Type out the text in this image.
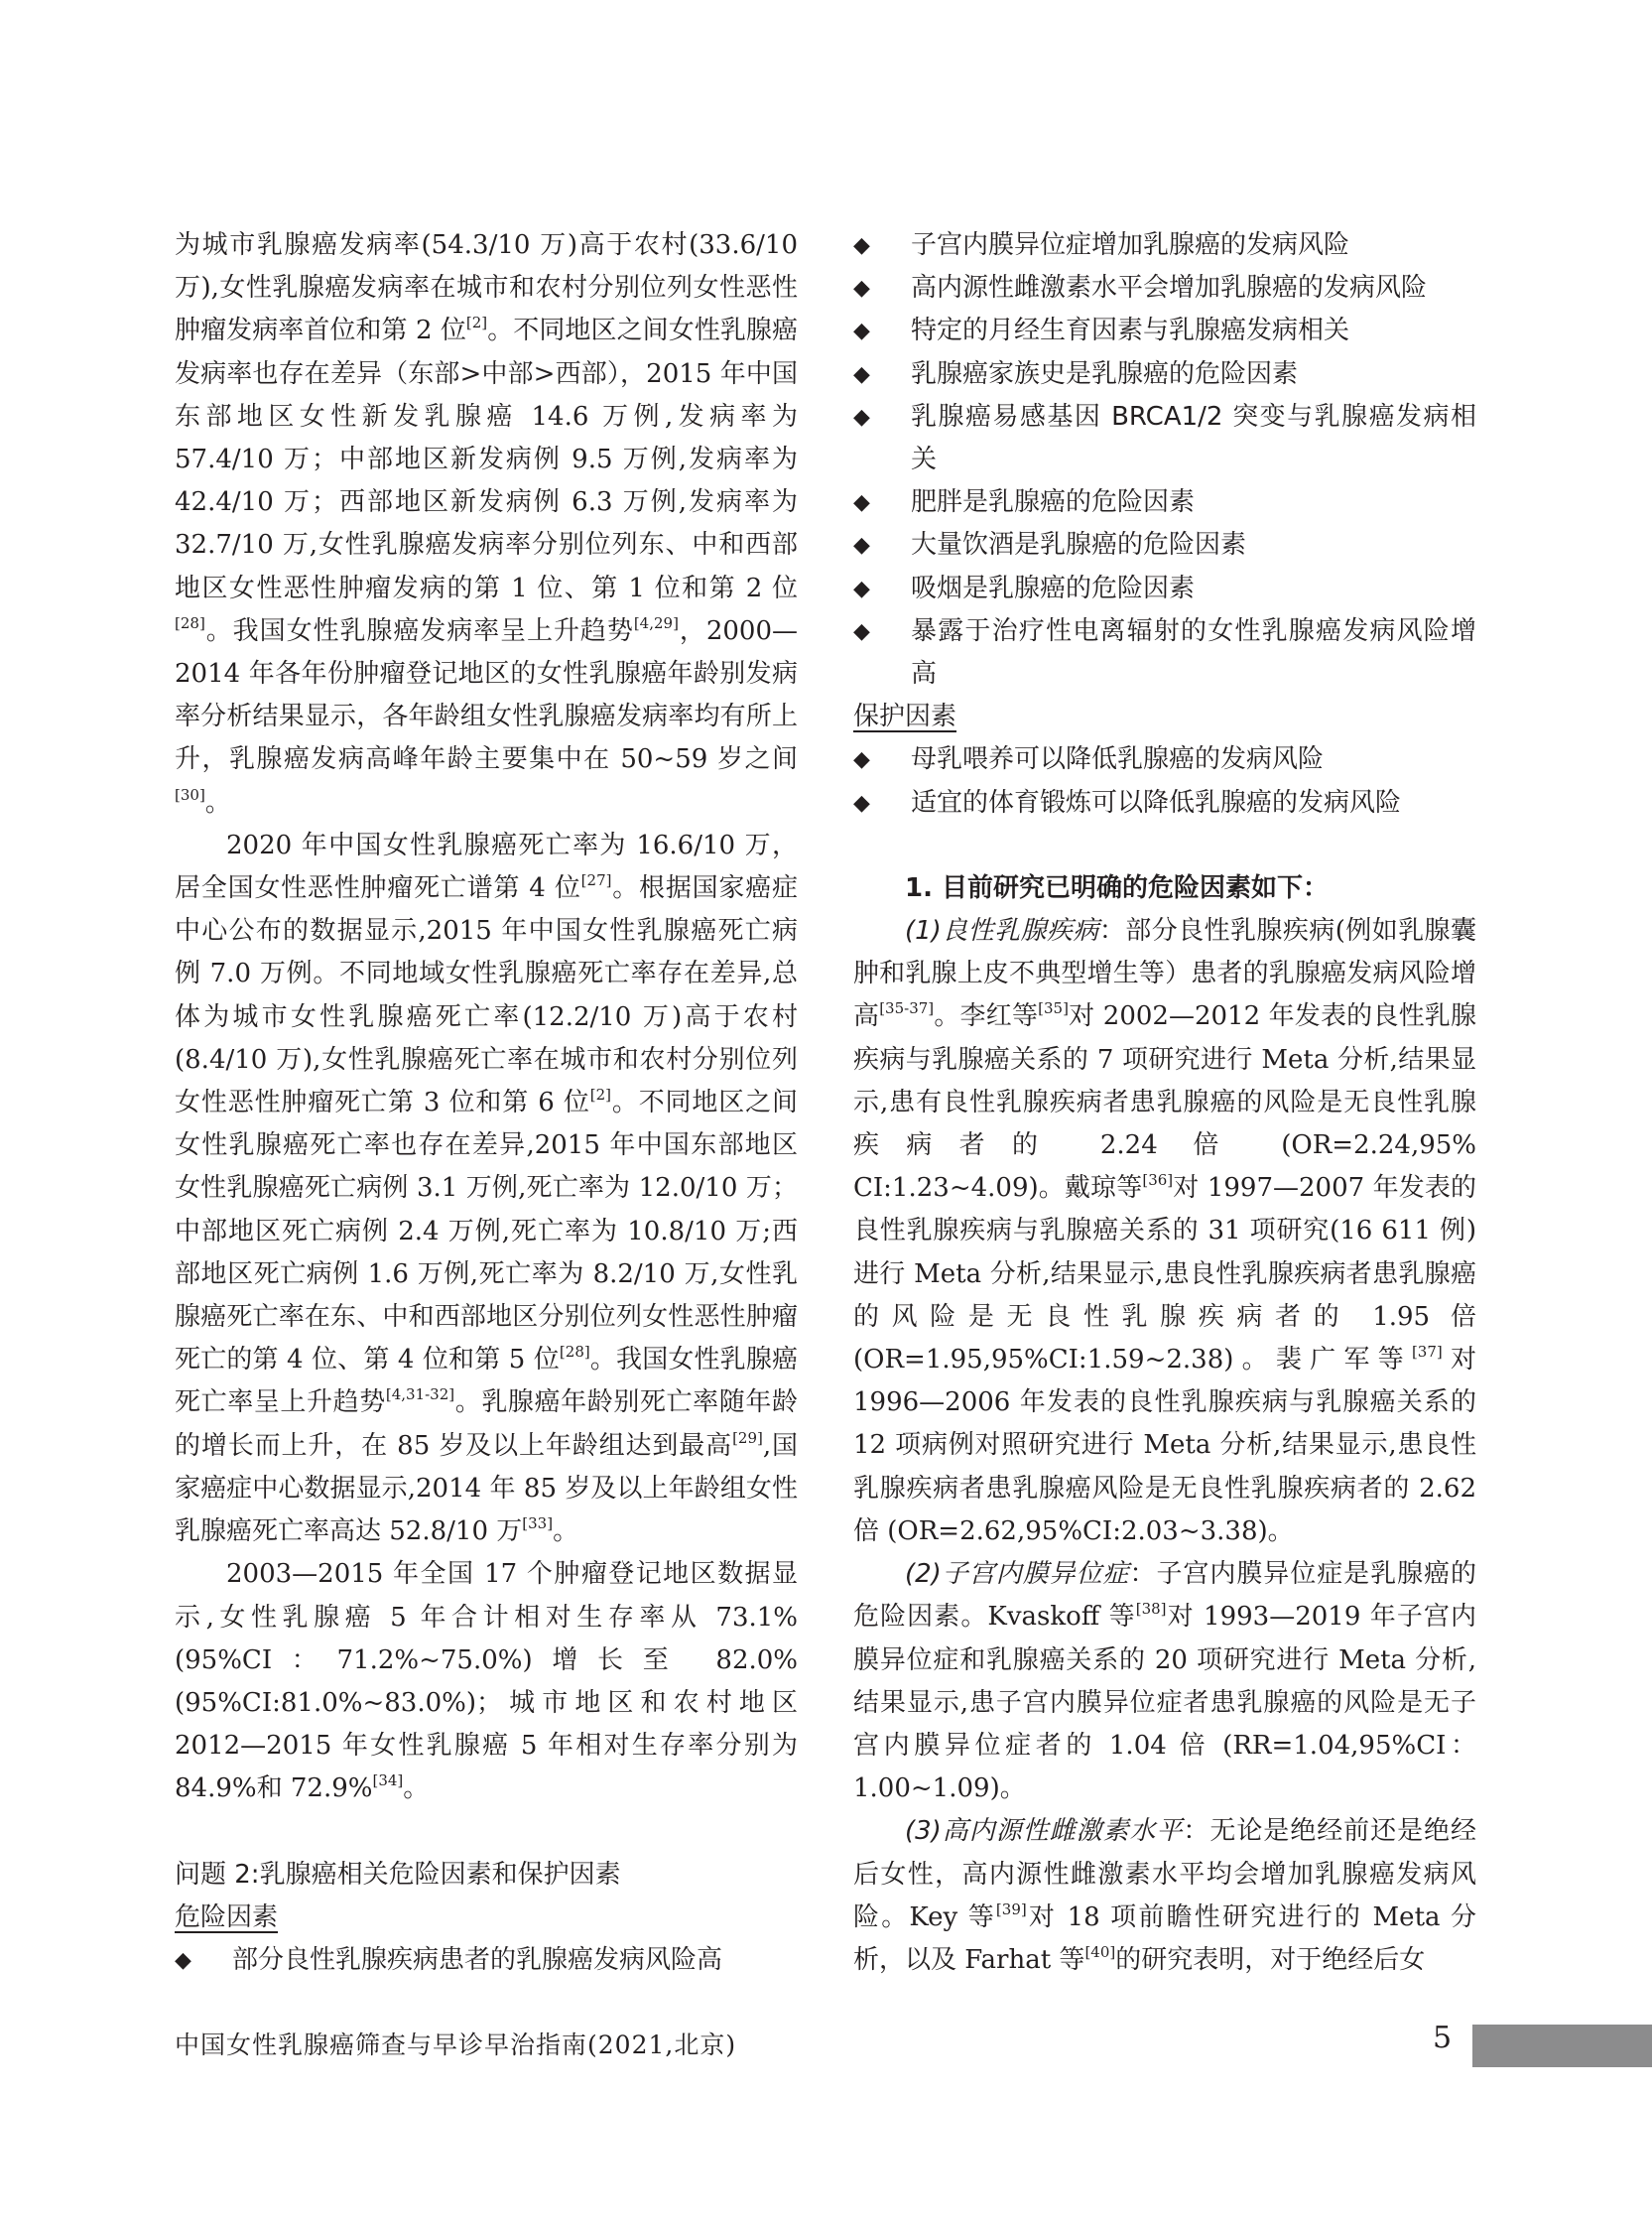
为城市乳腺癌发病率(54.3/10 万)高于农村(33.6/10 万),女性乳腺癌发病率在城市和农村分别位列女性恶性肿瘤发病率首位和第 2 位[2]。不同地区之间女性乳腺癌发病率也存在差异（东部>中部>西部），2015 年中国东部地区女性新发乳腺癌 14.6 万例,发病率为 57.4/10 万；中部地区新发病例 9.5 万例,发病率为 42.4/10 万；西部地区新发病例 6.3 万例,发病率为 32.7/10 万,女性乳腺癌发病率分别位列东、中和西部地区女性恶性肿瘤发病的第 1 位、第 1 位和第 2 位 [28]。我国女性乳腺癌发病率呈上升趋势[4,29]，2000—2014 年各年份肿瘤登记地区的女性乳腺癌年龄别发病率分析结果显示，各年龄组女性乳腺癌发病率均有所上升，乳腺癌发病高峰年龄主要集中在 50~59 岁之间[30]。

2020 年中国女性乳腺癌死亡率为 16.6/10 万，居全国女性恶性肿瘤死亡谱第 4 位[27]。根据国家癌症中心公布的数据显示,2015 年中国女性乳腺癌死亡病例 7.0 万例。不同地域女性乳腺癌死亡率存在差异,总体为城市女性乳腺癌死亡率(12.2/10 万)高于农村(8.4/10 万),女性乳腺癌死亡率在城市和农村分别位列女性恶性肿瘤死亡第 3 位和第 6 位[2]。不同地区之间女性乳腺癌死亡率也存在差异,2015 年中国东部地区女性乳腺癌死亡病例 3.1 万例,死亡率为 12.0/10 万；中部地区死亡病例 2.4 万例,死亡率为 10.8/10 万;西部地区死亡病例 1.6 万例,死亡率为 8.2/10 万,女性乳腺癌死亡率在东、中和西部地区分别位列女性恶性肿瘤死亡的第 4 位、第 4 位和第 5 位[28]。我国女性乳腺癌死亡率呈上升趋势[4,31-32]。乳腺癌年龄别死亡率随年龄的增长而上升，在 85 岁及以上年龄组达到最高[29],国家癌症中心数据显示,2014 年 85 岁及以上年龄组女性乳腺癌死亡率高达 52.8/10 万[33]。

2003—2015 年全国 17 个肿瘤登记地区数据显示,女性乳腺癌 5 年合计相对生存率从 73.1%(95%CI：71.2%~75.0%)增长至 82.0%(95%CI:81.0%~83.0%)；城市地区和农村地区 2012—2015 年女性乳腺癌 5 年相对生存率分别为 84.9%和 72.9%[34]。

问题 2:乳腺癌相关危险因素和保护因素

危险因素

◆	部分良性乳腺疾病患者的乳腺癌发病风险高
◆	子宫内膜异位症增加乳腺癌的发病风险
◆	高内源性雌激素水平会增加乳腺癌的发病风险
◆	特定的月经生育因素与乳腺癌发病相关
◆	乳腺癌家族史是乳腺癌的危险因素
◆	乳腺癌易感基因 BRCA1/2 突变与乳腺癌发病相关
◆	肥胖是乳腺癌的危险因素
◆	大量饮酒是乳腺癌的危险因素
◆	吸烟是乳腺癌的危险因素
◆	暴露于治疗性电离辐射的女性乳腺癌发病风险增高

保护因素

◆	母乳喂养可以降低乳腺癌的发病风险
◆	适宜的体育锻炼可以降低乳腺癌的发病风险

1. 目前研究已明确的危险因素如下：

(1)良性乳腺疾病：部分良性乳腺疾病(例如乳腺囊肿和乳腺上皮不典型增生等）患者的乳腺癌发病风险增高[35-37]。李红等[35]对 2002—2012 年发表的良性乳腺疾病与乳腺癌关系的 7 项研究进行 Meta 分析,结果显示,患有良性乳腺疾病者患乳腺癌的风险是无良性乳腺疾病者的 2.24 倍 (OR=2.24,95% CI:1.23~4.09)。戴琼等[36]对 1997—2007 年发表的良性乳腺疾病与乳腺癌关系的 31 项研究(16 611 例)进行 Meta 分析,结果显示,患良性乳腺疾病者患乳腺癌的风险是无良性乳腺疾病者的 1.95 倍 (OR=1.95,95%CI:1.59~2.38)。裴广军等[37]对 1996—2006 年发表的良性乳腺疾病与乳腺癌关系的 12 项病例对照研究进行 Meta 分析,结果显示,患良性乳腺疾病者患乳腺癌风险是无良性乳腺疾病者的 2.62 倍 (OR=2.62,95%CI:2.03~3.38)。

(2)子宫内膜异位症：子宫内膜异位症是乳腺癌的危险因素。Kvaskoff 等[38]对 1993—2019 年子宫内膜异位症和乳腺癌关系的 20 项研究进行 Meta 分析,结果显示,患子宫内膜异位症者患乳腺癌的风险是无子宫内膜异位症者的 1.04 倍 (RR=1.04,95%CI：1.00~1.09)。

(3)高内源性雌激素水平：无论是绝经前还是绝经后女性，高内源性雌激素水平均会增加乳腺癌发病风险。Key 等[39]对 18 项前瞻性研究进行的 Meta 分析，以及 Farhat 等[40]的研究表明，对于绝经后女

中国女性乳腺癌筛查与早诊早治指南(2021,北京)	5
